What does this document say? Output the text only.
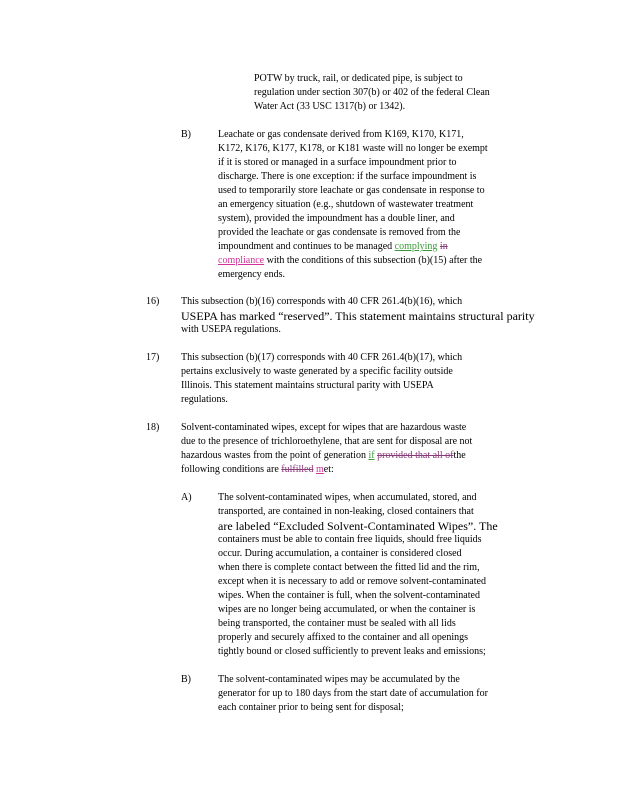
POTW by truck, rail, or dedicated pipe, is subject to
regulation under section 307(b) or 402 of the federal Clean
Water Act (33 USC 1317(b) or 1342).
B)	Leachate or gas condensate derived from K169, K170, K171,
K172, K176, K177, K178, or K181 waste will no longer be exempt
if it is stored or managed in a surface impoundment prior to
discharge. There is one exception: if the surface impoundment is
used to temporarily store leachate or gas condensate in response to
an emergency situation (e.g., shutdown of wastewater treatment
system), provided the impoundment has a double liner, and
provided the leachate or gas condensate is removed from the
impoundment and continues to be managed complying in
compliance with the conditions of this subsection (b)(15) after the
emergency ends.
16) This subsection (b)(16) corresponds with 40 CFR 261.4(b)(16), which
USEPA has marked “reserved”. This statement maintains structural parity
with USEPA regulations.
17) This subsection (b)(17) corresponds with 40 CFR 261.4(b)(17), which
pertains exclusively to waste generated by a specific facility outside
Illinois. This statement maintains structural parity with USEPA
regulations.
18) Solvent-contaminated wipes, except for wipes that are hazardous waste
due to the presence of trichloroethylene, that are sent for disposal are not
hazardous wastes from the point of generation if provided that all ofthe
following conditions are fulfilled met:
A)	The solvent-contaminated wipes, when accumulated, stored, and
transported, are contained in non-leaking, closed containers that
are labeled “Excluded Solvent-Contaminated Wipes”. The
containers must be able to contain free liquids, should free liquids
occur. During accumulation, a container is considered closed
when there is complete contact between the fitted lid and the rim,
except when it is necessary to add or remove solvent-contaminated
wipes. When the container is full, when the solvent-contaminated
wipes are no longer being accumulated, or when the container is
being transported, the container must be sealed with all lids
properly and securely affixed to the container and all openings
tightly bound or closed sufficiently to prevent leaks and emissions;
B)	The solvent-contaminated wipes may be accumulated by the
generator for up to 180 days from the start date of accumulation for
each container prior to being sent for disposal;
